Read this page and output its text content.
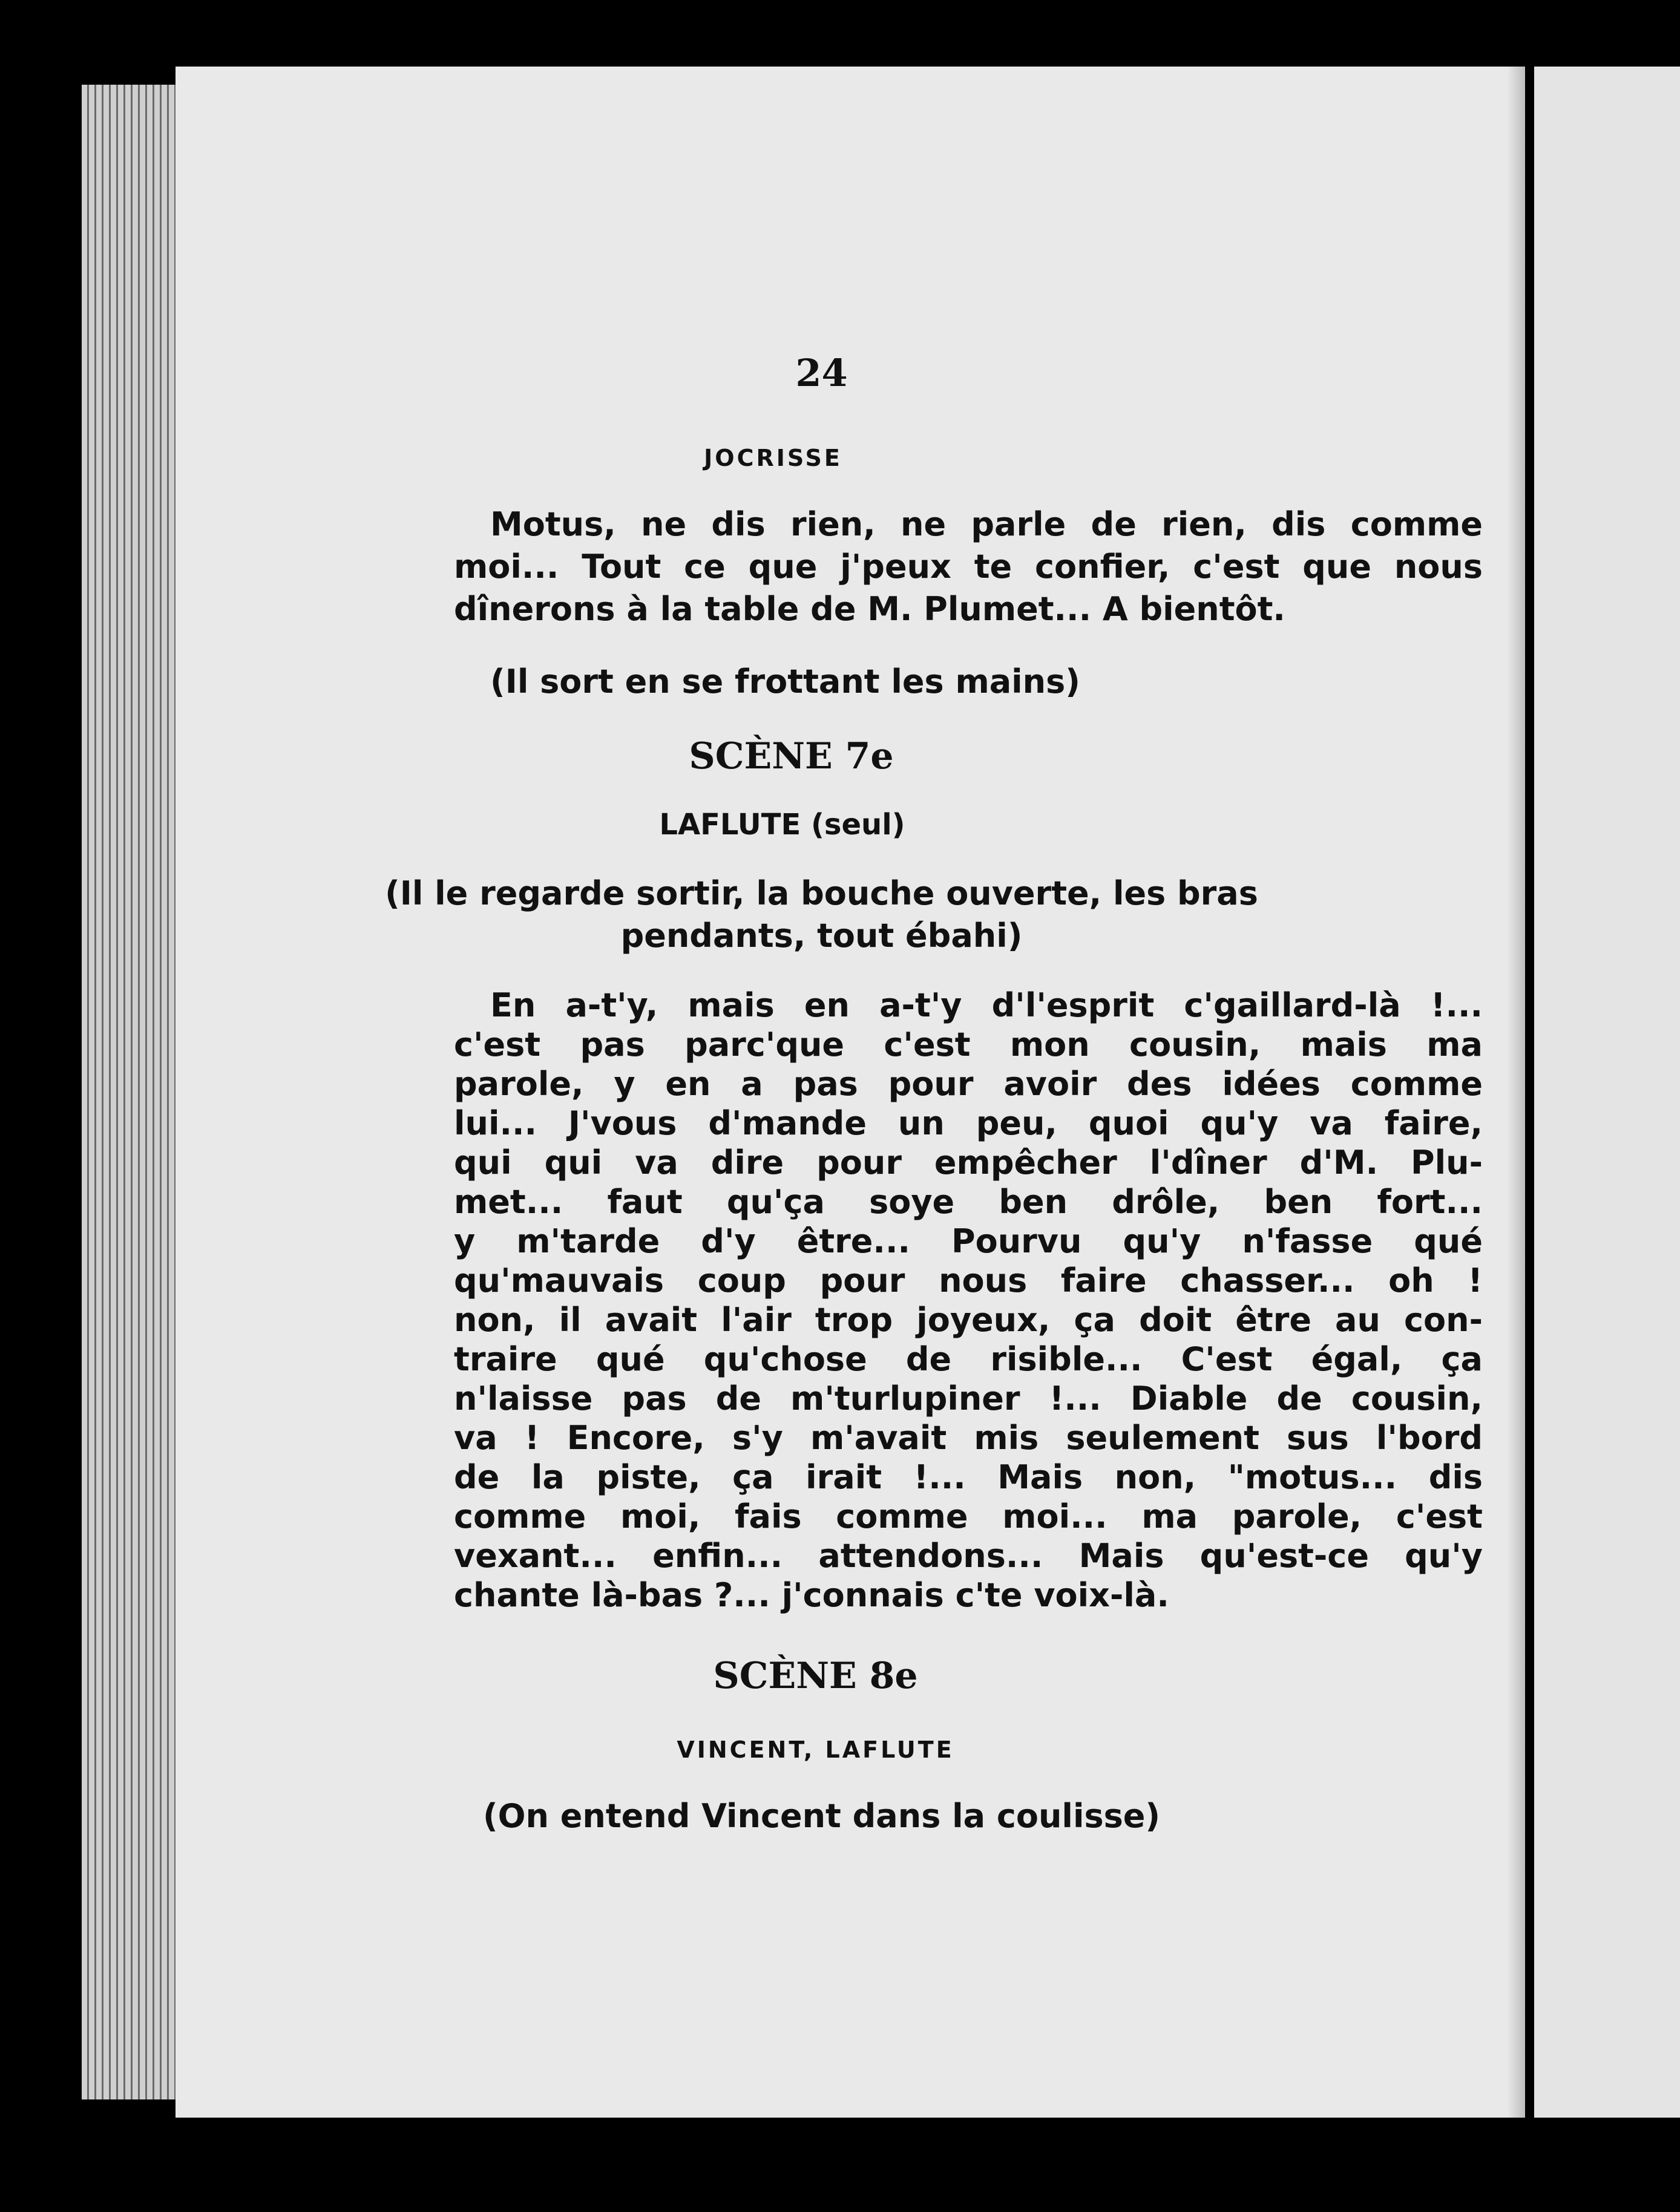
24
JOCRISSE
Motus, ne dis rien, ne parle de rien, dis comme
moi... Tout ce que j'peux te confier, c'est que nous
dînerons à la table de M. Plumet... A bientôt.
(Il sort en se frottant les mains)
SCÈNE 7e
LAFLUTE (seul)
(Il le regarde sortir, la bouche ouverte, les bras
pendants, tout ébahi)
En a-t'y, mais en a-t'y d'l'esprit c'gaillard-là !...
c'est pas parc'que c'est mon cousin, mais ma
parole, y en a pas pour avoir des idées comme
lui... J'vous d'mande un peu, quoi qu'y va faire,
qui qui va dire pour empêcher l'dîner d'M. Plu-
met... faut qu'ça soye ben drôle, ben fort...
y m'tarde d'y être... Pourvu qu'y n'fasse qué
qu'mauvais coup pour nous faire chasser... oh !
non, il avait l'air trop joyeux, ça doit être au con-
traire qué qu'chose de risible... C'est égal, ça
n'laisse pas de m'turlupiner !... Diable de cousin,
va ! Encore, s'y m'avait mis seulement sus l'bord
de la piste, ça irait !... Mais non, "motus... dis
comme moi, fais comme moi... ma parole, c'est
vexant... enfin... attendons... Mais qu'est-ce qu'y
chante là-bas ?... j'connais c'te voix-là.
SCÈNE 8e
VINCENT, LAFLUTE
(On entend Vincent dans la coulisse)
